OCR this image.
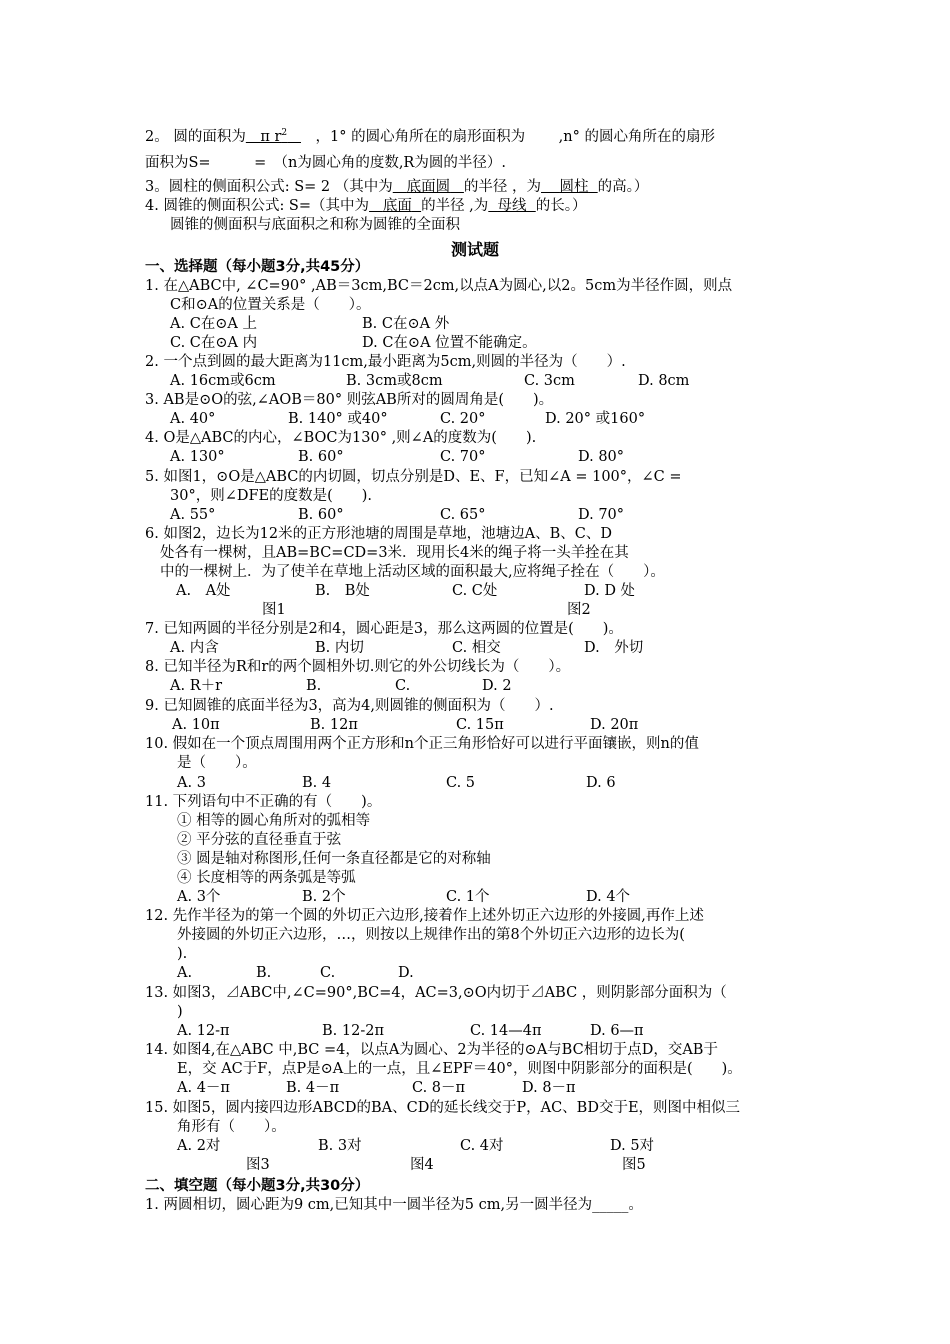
2。 圆的面积为　π $r^2$   　，1° 的圆心角所在的扇形面积为　　 ,n° 的圆心角所在的扇形
面积为S=　　　=　（n为圆心角的度数,R为圆的半径）.
3。圆柱的侧面积公式: S= 2 （其中为 底面圆 的半径 ，为 圆柱 的高。）
4. 圆锥的侧面积公式: S=（其中为 底面 的半径 ,为 母线 的长。）
圆锥的侧面积与底面积之和称为圆锥的全面积
测试题
一、选择题（每小题3分,共45分）
1. 在△ABC中, ∠C=90° ,AB＝3cm,BC＝2cm,以点A为圆心,以2。5cm为半径作圆，则点
C和⊙A的位置关系是（　　）。
A. C在⊙A 上	B. C在⊙A 外
C. C在⊙A 内	D. C在⊙A 位置不能确定。
2. 一个点到圆的最大距离为11cm,最小距离为5cm,则圆的半径为（　　）.
A. 16cm或6cm	B. 3cm或8cm	C. 3cm	D. 8cm
3. AB是⊙O的弦,∠AOB＝80° 则弦AB所对的圆周角是(　　)。
A. 40°	B. 140° 或40°	C. 20°	D. 20° 或160°
4. O是△ABC的内心，∠BOC为130° ,则∠A的度数为(　　).
A. 130°	B. 60°	C. 70°	D. 80°
5. 如图1，⊙O是△ABC的内切圆，切点分别是D、E、F，已知∠A = 100°，∠C =
30°，则∠DFE的度数是(　　).
A. 55°	B. 60°	C. 65°	D. 70°
6. 如图2，边长为12米的正方形池塘的周围是草地，池塘边A、B、C、D
处各有一棵树，且AB=BC=CD=3米．现用长4米的绳子将一头羊拴在其
中的一棵树上．为了使羊在草地上活动区域的面积最大,应将绳子拴在（　　）。
A.　A处	B.　B处	C. C处	D. D 处
图1	图2
7. 已知两圆的半径分别是2和4，圆心距是3，那么这两圆的位置是(　　)。
A. 内含	B. 内切	C. 相交	D.　外切
8. 已知半径为R和r的两个圆相外切.则它的外公切线长为（　　）。
A. R＋r	B.	C.	D. 2
9. 已知圆锥的底面半径为3，高为4,则圆锥的侧面积为（　　）.
A. 10π	B. 12π	C. 15π	D. 20π
10. 假如在一个顶点周围用两个正方形和n个正三角形恰好可以进行平面镶嵌，则n的值
是（　　）。
A. 3	B. 4	C. 5	D. 6
11. 下列语句中不正确的有（　　)。
① 相等的圆心角所对的弧相等
② 平分弦的直径垂直于弦
③ 圆是轴对称图形,任何一条直径都是它的对称轴
④ 长度相等的两条弧是等弧
A. 3个	B. 2个	C. 1个	D. 4个
12. 先作半径为的第一个圆的外切正六边形,接着作上述外切正六边形的外接圆,再作上述
外接圆的外切正六边形，…，则按以上规律作出的第8个外切正六边形的边长为(
).
A.	B.	C.	D.
13. 如图3，⊿ABC中,∠C=90°,BC=4，AC=3,⊙O内切于⊿ABC ，则阴影部分面积为（
)
A. 12-π	B. 12-2π	C. 14—4π	D. 6—π
14. 如图4,在△ABC 中,BC =4，以点A为圆心、2为半径的⊙A与BC相切于点D，交AB于
E，交 AC于F，点P是⊙A上的一点，且∠EPF＝40°，则图中阴影部分的面积是(　　)。
A. 4－π	B. 4－π	C. 8－π	D. 8－π
15. 如图5，圆内接四边形ABCD的BA、CD的延长线交于P，AC、BD交于E，则图中相似三
角形有（　　）。
A. 2对	B. 3对	C. 4对	D. 5对
图3	图4	图5
二、填空题（每小题3分,共30分）
1. 两圆相切，圆心距为9 cm,已知其中一圆半径为5 cm,另一圆半径为_____。
